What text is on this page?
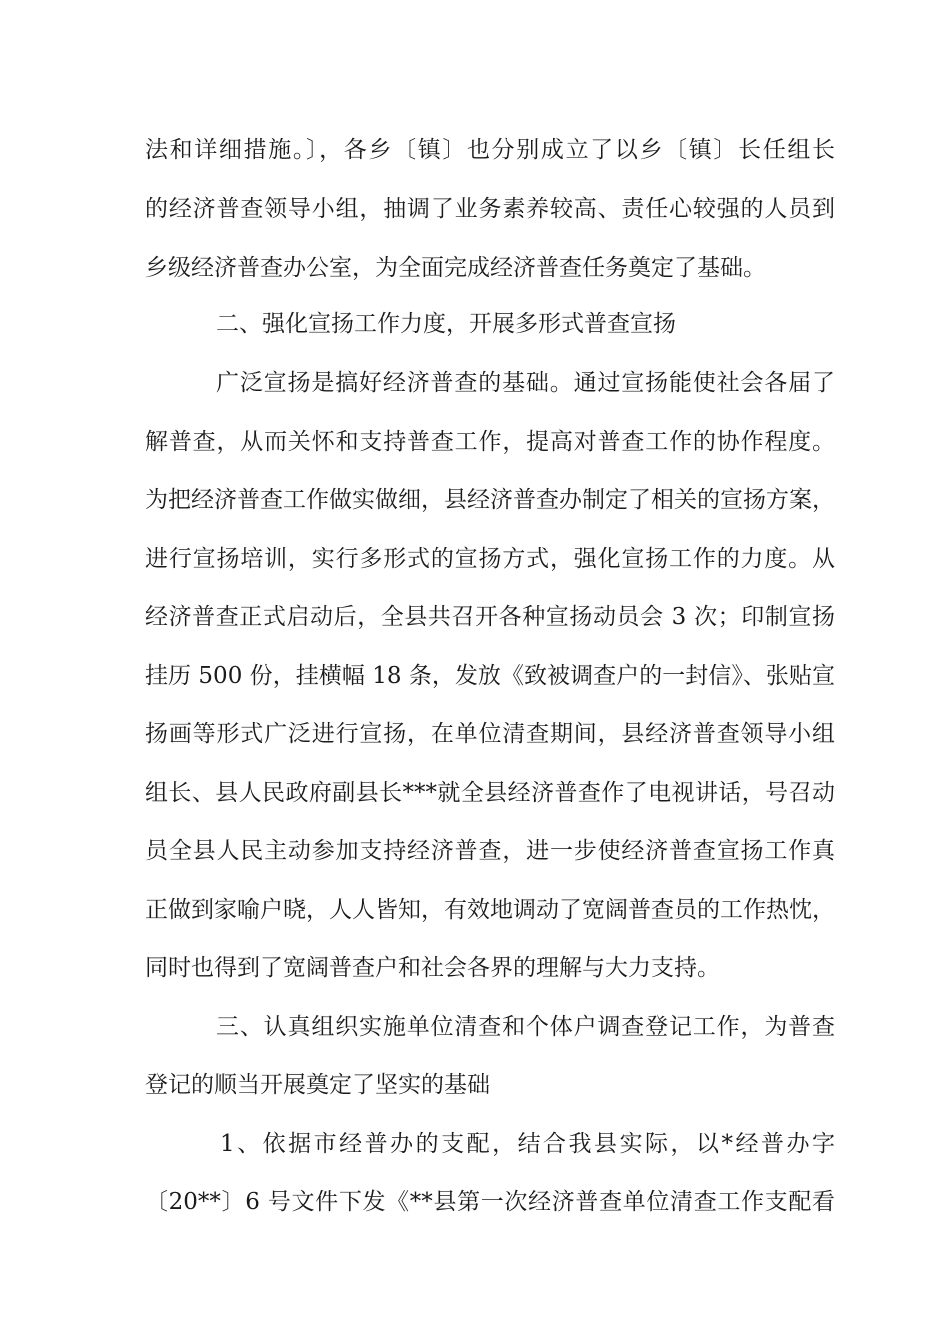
法和详细措施。〕，各乡〔镇〕也分别成立了以乡〔镇〕长任组长
的经济普查领导小组，抽调了业务素养较高、责任心较强的人员到
乡级经济普查办公室，为全面完成经济普查任务奠定了基础。
二、强化宣扬工作力度，开展多形式普查宣扬
广泛宣扬是搞好经济普查的基础。通过宣扬能使社会各届了
解普查，从而关怀和支持普查工作，提高对普查工作的协作程度。
为把经济普查工作做实做细，县经济普查办制定了相关的宣扬方案，
进行宣扬培训，实行多形式的宣扬方式，强化宣扬工作的力度。从
经济普查正式启动后，全县共召开各种宣扬动员会 3 次；印制宣扬
挂历 500 份，挂横幅 18 条，发放《致被调查户的一封信》、张贴宣
扬画等形式广泛进行宣扬，在单位清查期间，县经济普查领导小组
组长、县人民政府副县长***就全县经济普查作了电视讲话，号召动
员全县人民主动参加支持经济普查，进一步使经济普查宣扬工作真
正做到家喻户晓，人人皆知，有效地调动了宽阔普查员的工作热忱，
同时也得到了宽阔普查户和社会各界的理解与大力支持。
三、认真组织实施单位清查和个体户调查登记工作，为普查
登记的顺当开展奠定了坚实的基础
1、依据市经普办的支配，结合我县实际，以*经普办字
〔20**〕6 号文件下发《**县第一次经济普查单位清查工作支配看
